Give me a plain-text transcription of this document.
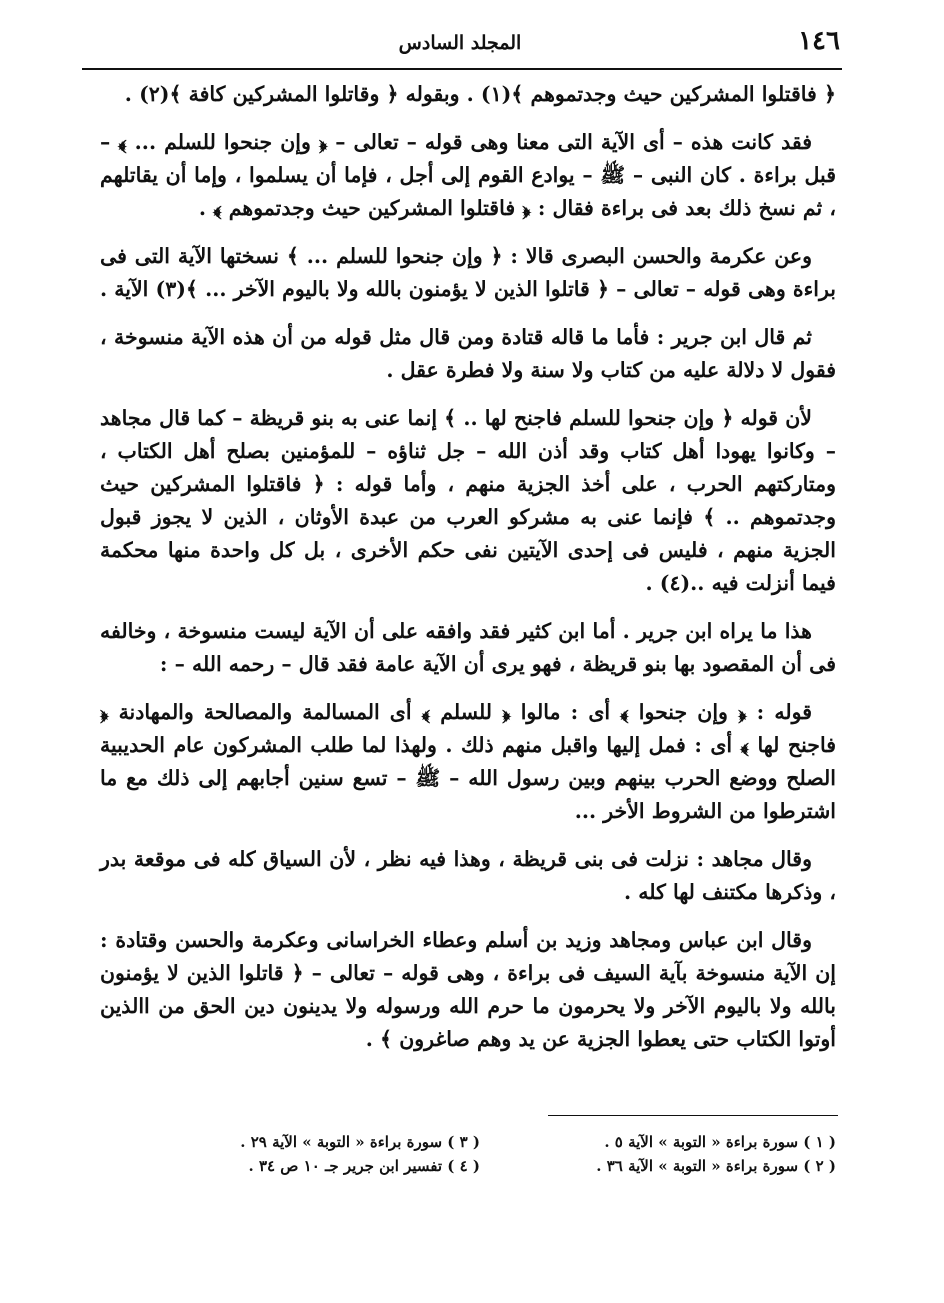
١٤٦
المجلد السادس

﴿ فاقتلوا المشركين حيث وجدتموهم ﴾(١) . وبقوله ﴿ وقاتلوا المشركين كافة ﴾(٢) .

فقد كانت هذه – أى الآية التى معنا وهى قوله – تعالى – ﴿ وإن جنحوا للسلم ... ﴾ – قبل براءة . كان النبى – ﷺ – يوادع القوم إلى أجل ، فإما أن يسلموا ، وإما أن يقاتلهم ، ثم نسخ ذلك بعد فى براءة فقال : ﴿ فاقتلوا المشركين حيث وجدتموهم ﴾ .

وعن عكرمة والحسن البصرى قالا : ﴿ وإن جنحوا للسلم ... ﴾ نسختها الآية التى فى براءة وهى قوله – تعالى – ﴿ قاتلوا الذين لا يؤمنون بالله ولا باليوم الآخر ... ﴾(٣) الآية .

ثم قال ابن جرير : فأما ما قاله قتادة ومن قال مثل قوله من أن هذه الآية منسوخة ، فقول لا دلالة عليه من كتاب ولا سنة ولا فطرة عقل .

لأن قوله ﴿ وإن جنحوا للسلم فاجنح لها .. ﴾ إنما عنى به بنو قريظة – كما قال مجاهد – وكانوا يهودا أهل كتاب وقد أذن الله – جل ثناؤه – للمؤمنين بصلح أهل الكتاب ، ومتاركتهم الحرب ، على أخذ الجزية منهم ، وأما قوله : ﴿ فاقتلوا المشركين حيث وجدتموهم .. ﴾ فإنما عنى به مشركو العرب من عبدة الأوثان ، الذين لا يجوز قبول الجزية منهم ، فليس فى إحدى الآيتين نفى حكم الأخرى ، بل كل واحدة منها محكمة فيما أنزلت فيه ..(٤) .

هذا ما يراه ابن جرير . أما ابن كثير فقد وافقه على أن الآية ليست منسوخة ، وخالفه فى أن المقصود بها بنو قريظة ، فهو يرى أن الآية عامة فقد قال – رحمه الله – :

قوله : ﴿ وإن جنحوا ﴾ أى : مالوا ﴿ للسلم ﴾ أى المسالمة والمصالحة والمهادنة ﴿ فاجنح لها ﴾ أى : فمل إليها واقبل منهم ذلك . ولهذا لما طلب المشركون عام الحديبية الصلح ووضع الحرب بينهم وبين رسول الله – ﷺ – تسع سنين أجابهم إلى ذلك مع ما اشترطوا من الشروط الأخر ...

وقال مجاهد : نزلت فى بنى قريظة ، وهذا فيه نظر ، لأن السياق كله فى موقعة بدر ، وذكرها مكتنف لها كله .

وقال ابن عباس ومجاهد وزيد بن أسلم وعطاء الخراسانى وعكرمة والحسن وقتادة : إن الآية منسوخة بآية السيف فى براءة ، وهى قوله – تعالى – ﴿ قاتلوا الذين لا يؤمنون بالله ولا باليوم الآخر ولا يحرمون ما حرم الله ورسوله ولا يدينون دين الحق من االذين أوتوا الكتاب حتى يعطوا الجزية عن يد وهم صاغرون ﴾ .

( ١ ) سورة براءة « التوبة » الآية ٥ .
( ٢ ) سورة براءة « التوبة » الآية ٣٦ .
( ٣ ) سورة براءة « التوبة » الآية ٢٩ .
( ٤ ) تفسير ابن جرير جـ ١٠ ص ٣٤ .
